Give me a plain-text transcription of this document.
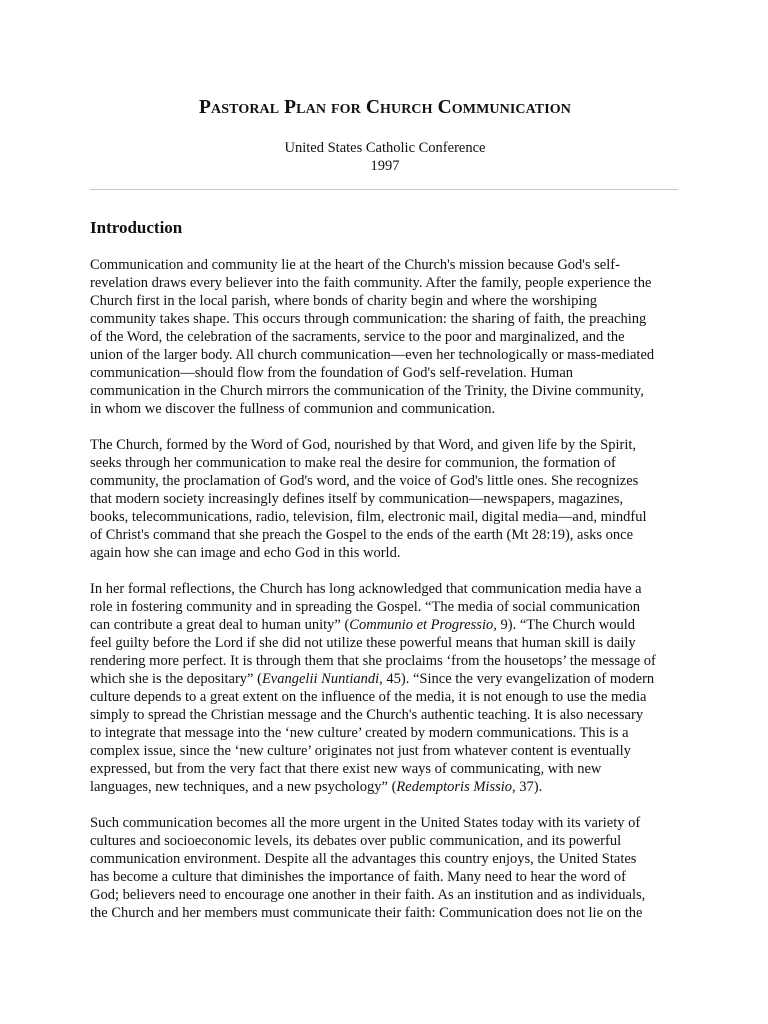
Pastoral Plan for Church Communication
United States Catholic Conference
1997
Introduction

Communication and community lie at the heart of the Church's mission because God's self-
revelation draws every believer into the faith community. After the family, people experience the
Church first in the local parish, where bonds of charity begin and where the worshiping
community takes shape. This occurs through communication: the sharing of faith, the preaching
of the Word, the celebration of the sacraments, service to the poor and marginalized, and the
union of the larger body. All church communication—even her technologically or mass-mediated
communication—should flow from the foundation of God's self-revelation. Human
communication in the Church mirrors the communication of the Trinity, the Divine community,
in whom we discover the fullness of communion and communication.

The Church, formed by the Word of God, nourished by that Word, and given life by the Spirit,
seeks through her communication to make real the desire for communion, the formation of
community, the proclamation of God's word, and the voice of God's little ones. She recognizes
that modern society increasingly defines itself by communication—newspapers, magazines,
books, telecommunications, radio, television, film, electronic mail, digital media—and, mindful
of Christ's command that she preach the Gospel to the ends of the earth (Mt 28:19), asks once
again how she can image and echo God in this world.

In her formal reflections, the Church has long acknowledged that communication media have a
role in fostering community and in spreading the Gospel. “The media of social communication
can contribute a great deal to human unity” (Communio et Progressio, 9). “The Church would
feel guilty before the Lord if she did not utilize these powerful means that human skill is daily
rendering more perfect. It is through them that she proclaims ‘from the housetops’ the message of
which she is the depositary” (Evangelii Nuntiandi, 45). “Since the very evangelization of modern
culture depends to a great extent on the influence of the media, it is not enough to use the media
simply to spread the Christian message and the Church's authentic teaching. It is also necessary
to integrate that message into the ‘new culture’ created by modern communications. This is a
complex issue, since the ‘new culture’ originates not just from whatever content is eventually
expressed, but from the very fact that there exist new ways of communicating, with new
languages, new techniques, and a new psychology” (Redemptoris Missio, 37).

Such communication becomes all the more urgent in the United States today with its variety of
cultures and socioeconomic levels, its debates over public communication, and its powerful
communication environment. Despite all the advantages this country enjoys, the United States
has become a culture that diminishes the importance of faith. Many need to hear the word of
God; believers need to encourage one another in their faith. As an institution and as individuals,
the Church and her members must communicate their faith: Communication does not lie on the
